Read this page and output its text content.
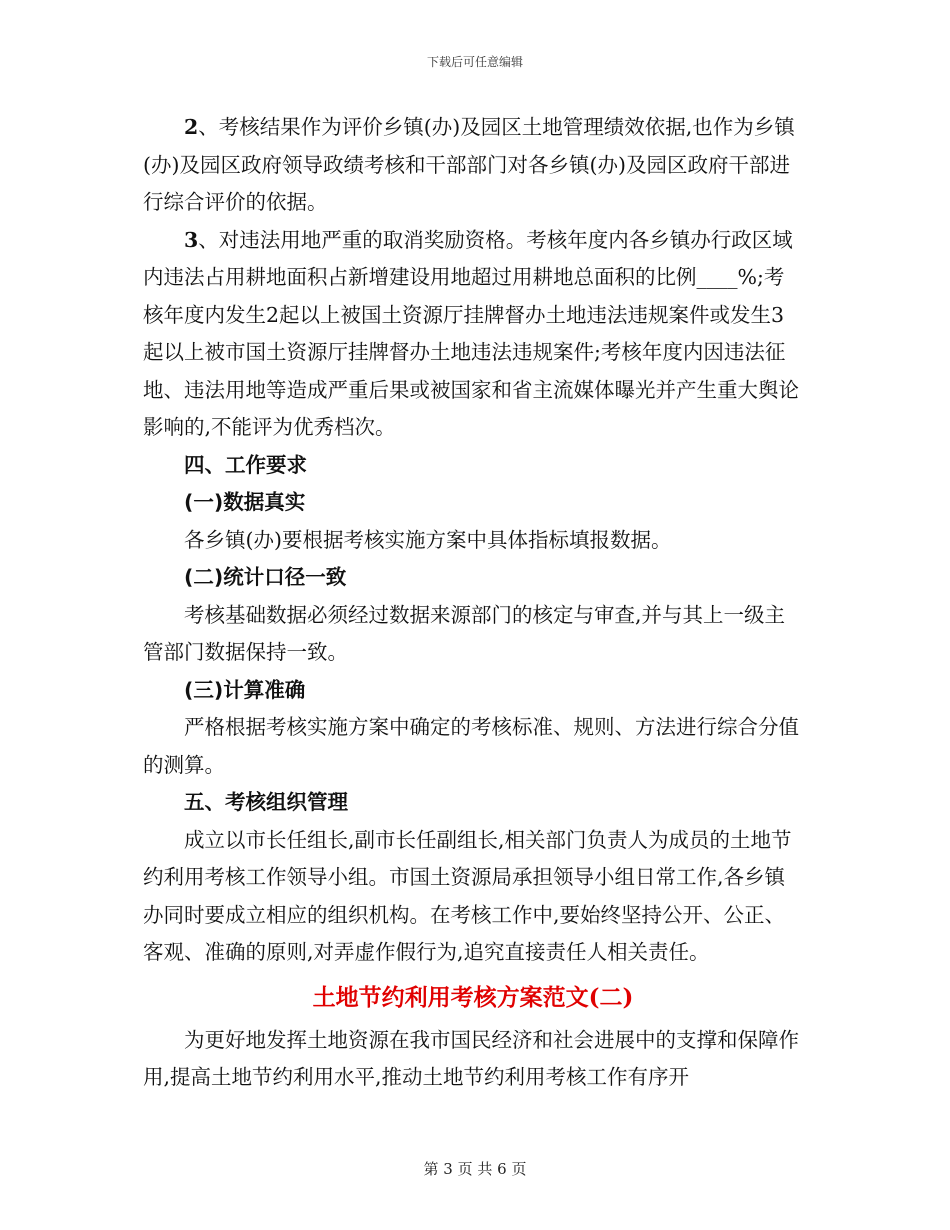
下载后可任意编辑

2、考核结果作为评价乡镇(办)及园区土地管理绩效依据,也作为乡镇(办)及园区政府领导政绩考核和干部部门对各乡镇(办)及园区政府干部进行综合评价的依据。

3、对违法用地严重的取消奖励资格。考核年度内各乡镇办行政区域内违法占用耕地面积占新增建设用地超过用耕地总面积的比例____%;考核年度内发生2起以上被国土资源厅挂牌督办土地违法违规案件或发生3起以上被市国土资源厅挂牌督办土地违法违规案件;考核年度内因违法征地、违法用地等造成严重后果或被国家和省主流媒体曝光并产生重大舆论影响的,不能评为优秀档次。

四、工作要求

(一)数据真实

各乡镇(办)要根据考核实施方案中具体指标填报数据。

(二)统计口径一致

考核基础数据必须经过数据来源部门的核定与审查,并与其上一级主管部门数据保持一致。

(三)计算准确

严格根据考核实施方案中确定的考核标准、规则、方法进行综合分值的测算。

五、考核组织管理

成立以市长任组长,副市长任副组长,相关部门负责人为成员的土地节约利用考核工作领导小组。市国土资源局承担领导小组日常工作,各乡镇办同时要成立相应的组织机构。在考核工作中,要始终坚持公开、公正、客观、准确的原则,对弄虚作假行为,追究直接责任人相关责任。

土地节约利用考核方案范文(二)

为更好地发挥土地资源在我市国民经济和社会进展中的支撑和保障作用,提高土地节约利用水平,推动土地节约利用考核工作有序开

第 3 页 共 6 页
